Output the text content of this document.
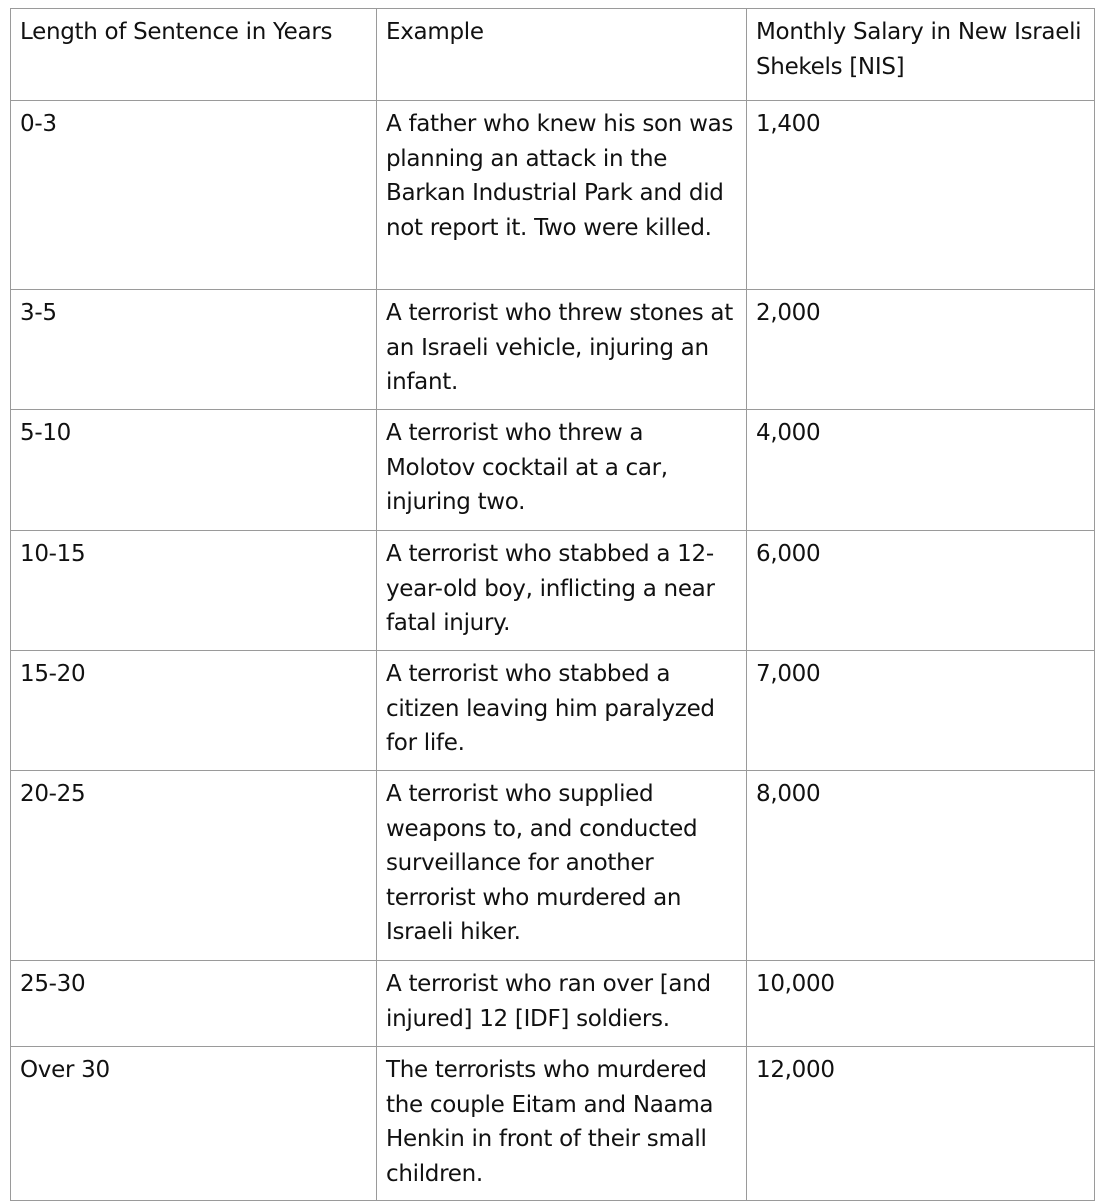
Length of Sentence in Years	Example	Monthly Salary in New Israeli Shekels [NIS]

0-3	A father who knew his son was planning an attack in the Barkan Industrial Park and did not report it. Two were killed.	1,400

3-5	A terrorist who threw stones at an Israeli vehicle, injuring an infant.	2,000

5-10	A terrorist who threw a Molotov cocktail at a car, injuring two.	4,000

10-15	A terrorist who stabbed a 12-year-old boy, inflicting a near fatal injury.	6,000

15-20	A terrorist who stabbed a citizen leaving him paralyzed for life.	7,000

20-25	A terrorist who supplied weapons to, and conducted surveillance for another terrorist who murdered an Israeli hiker.	8,000

25-30	A terrorist who ran over [and injured] 12 [IDF] soldiers.	10,000

Over 30	The terrorists who murdered the couple Eitam and Naama Henkin in front of their small children.	12,000
